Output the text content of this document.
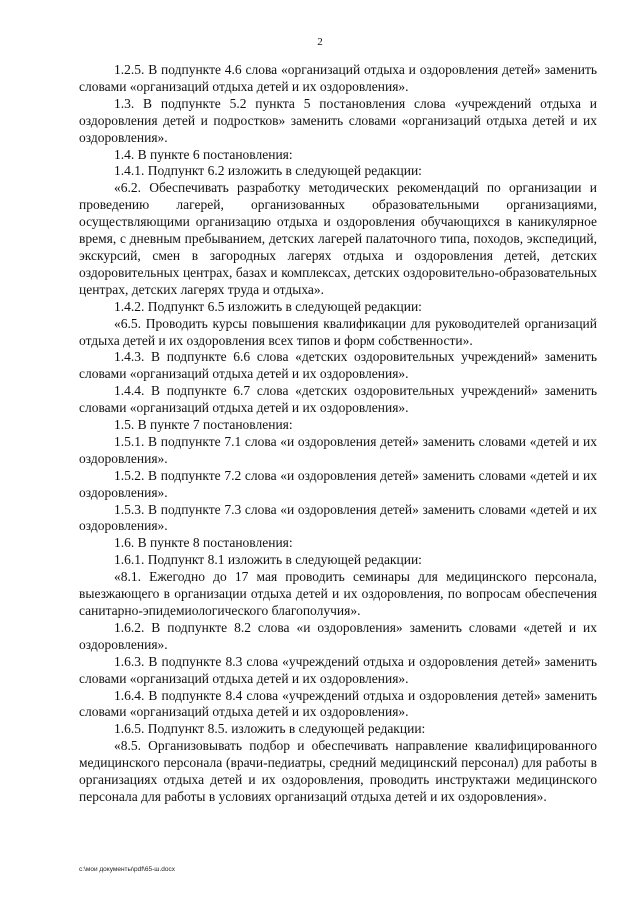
2

1.2.5. В подпункте 4.6 слова «организаций отдыха и оздоровления детей» заменить словами «организаций отдыха детей и их оздоровления».

1.3. В подпункте 5.2 пункта 5 постановления слова «учреждений отдыха и оздоровления детей и подростков» заменить словами «организаций отдыха детей и их оздоровления».

1.4. В пункте 6 постановления:

1.4.1. Подпункт 6.2 изложить в следующей редакции:

«6.2. Обеспечивать разработку методических рекомендаций по организации и проведению лагерей, организованных образовательными организациями, осуществляющими организацию отдыха и оздоровления обучающихся в каникулярное время, с дневным пребыванием, детских лагерей палаточного типа, походов, экспедиций, экскурсий, смен в загородных лагерях отдыха и оздоровления детей, детских оздоровительных центрах, базах и комплексах, детских оздоровительно-образовательных центрах, детских лагерях труда и отдыха».

1.4.2. Подпункт 6.5 изложить в следующей редакции:

«6.5. Проводить курсы повышения квалификации для руководителей организаций отдыха детей и их оздоровления всех типов и форм собственности».

1.4.3. В подпункте 6.6 слова «детских оздоровительных учреждений» заменить словами «организаций отдыха детей и их оздоровления».

1.4.4. В подпункте 6.7 слова «детских оздоровительных учреждений» заменить словами «организаций отдыха детей и их оздоровления».

1.5. В пункте 7 постановления:

1.5.1. В подпункте 7.1 слова «и оздоровления детей» заменить словами «детей и их оздоровления».

1.5.2. В подпункте 7.2 слова «и оздоровления детей» заменить словами «детей и их оздоровления».

1.5.3. В подпункте 7.3 слова «и оздоровления детей» заменить словами «детей и их оздоровления».

1.6. В пункте 8 постановления:

1.6.1. Подпункт 8.1 изложить в следующей редакции:

«8.1. Ежегодно до 17 мая проводить семинары для медицинского персонала, выезжающего в организации отдыха детей и их оздоровления, по вопросам обеспечения санитарно-эпидемиологического благополучия».

1.6.2. В подпункте 8.2 слова «и оздоровления» заменить словами «детей и их оздоровления».

1.6.3. В подпункте 8.3 слова «учреждений отдыха и оздоровления детей» заменить словами «организаций отдыха детей и их оздоровления».

1.6.4. В подпункте 8.4 слова «учреждений отдыха и оздоровления детей» заменить словами «организаций отдыха детей и их оздоровления».

1.6.5. Подпункт 8.5. изложить в следующей редакции:

«8.5. Организовывать подбор и обеспечивать направление квалифицированного медицинского персонала (врачи-педиатры, средний медицинский персонал) для работы в организациях отдыха детей и их оздоровления, проводить инструктажи медицинского персонала для работы в условиях организаций отдыха детей и их оздоровления».

c:\мои документы\pdf\65-ш.docx
